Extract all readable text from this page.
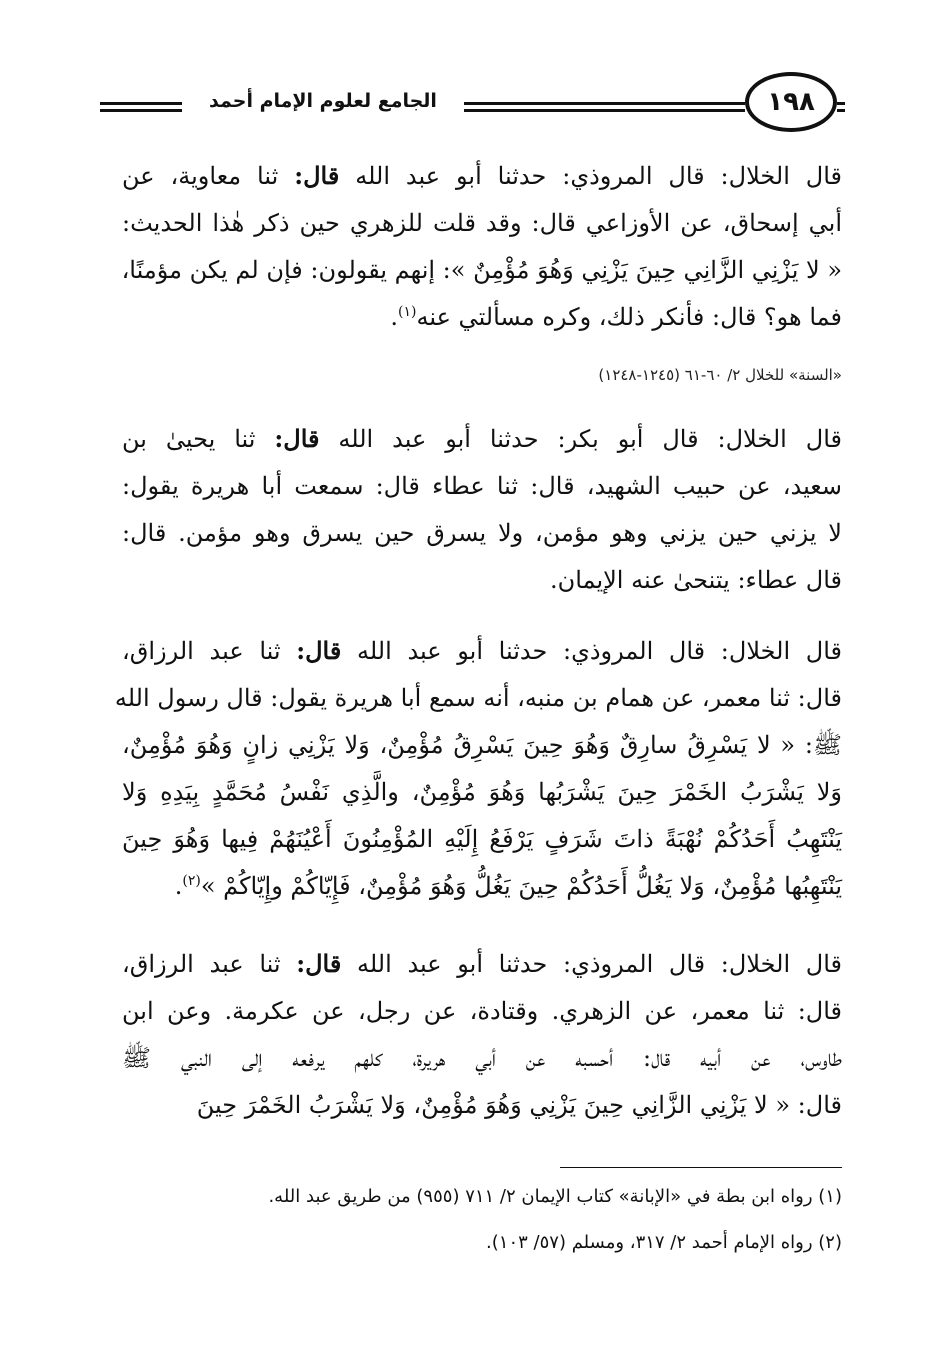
الجامع لعلوم الإمام أحمد	١٩٨
قال الخلال: قال المروذي: حدثنا أبو عبد الله قال: ثنا معاوية، عن
أبي إسحاق، عن الأوزاعي قال: وقد قلت للزهري حين ذكر هٰذا الحديث:
« لا يَزْنِي الزَّانِي حِينَ يَزْنِي وَهُوَ مُؤْمِنٌ »: إنهم يقولون: فإن لم يكن مؤمنًا،
فما هو؟ قال: فأنكر ذلك، وكره مسألتي عنه$^{(١)}$.
«السنة» للخلال ٢/ ٦٠-٦١ (١٢٤٥-١٢٤٨)
قال الخلال: قال أبو بكر: حدثنا أبو عبد الله قال: ثنا يحيىٰ بن
سعيد، عن حبيب الشهيد، قال: ثنا عطاء قال: سمعت أبا هريرة يقول:
لا يزني حين يزني وهو مؤمن، ولا يسرق حين يسرق وهو مؤمن. قال:
قال عطاء: يتنحىٰ عنه الإيمان.
قال الخلال: قال المروذي: حدثنا أبو عبد الله قال: ثنا عبد الرزاق،
قال: ثنا معمر، عن همام بن منبه، أنه سمع أبا هريرة يقول: قال رسول الله
ﷺ: « لا يَسْرِقُ سارِقٌ وَهُوَ حِينَ يَسْرِقُ مُؤْمِنٌ، وَلا يَزْنِي زانٍ وَهُوَ مُؤْمِنٌ،
وَلا يَشْرَبُ الخَمْرَ حِينَ يَشْرَبُها وَهُوَ مُؤْمِنٌ، والَّذِي نَفْسُ مُحَمَّدٍ بِيَدِهِ وَلا
يَنْتَهِبُ أَحَدُكُمْ نُهْبَةً ذاتَ شَرَفٍ يَرْفَعُ إِلَيْهِ المُؤْمِنُونَ أَعْيُنَهُمْ فِيها وَهُوَ حِينَ
يَنْتَهِبُها مُؤْمِنٌ، وَلا يَغُلُّ أَحَدُكُمْ حِينَ يَغُلُّ وَهُوَ مُؤْمِنٌ، فَإِيّاكُمْ وإِيّاكُمْ »$^{(٢)}$.
قال الخلال: قال المروذي: حدثنا أبو عبد الله قال: ثنا عبد الرزاق،
قال: ثنا معمر، عن الزهري. وقتادة، عن رجل، عن عكرمة. وعن ابن
طاوس، عن أبيه قال: أحسبه عن أبي هريرة، كلهم يرفعه إلى النبي ﷺ
قال: « لا يَزْنِي الزَّانِي حِينَ يَزْنِي وَهُوَ مُؤْمِنٌ، وَلا يَشْرَبُ الخَمْرَ حِينَ
(١) رواه ابن بطة في «الإبانة» كتاب الإيمان ٢/ ٧١١ (٩٥٥) من طريق عبد الله.
(٢) رواه الإمام أحمد ٢/ ٣١٧، ومسلم (٥٧/ ١٠٣).
